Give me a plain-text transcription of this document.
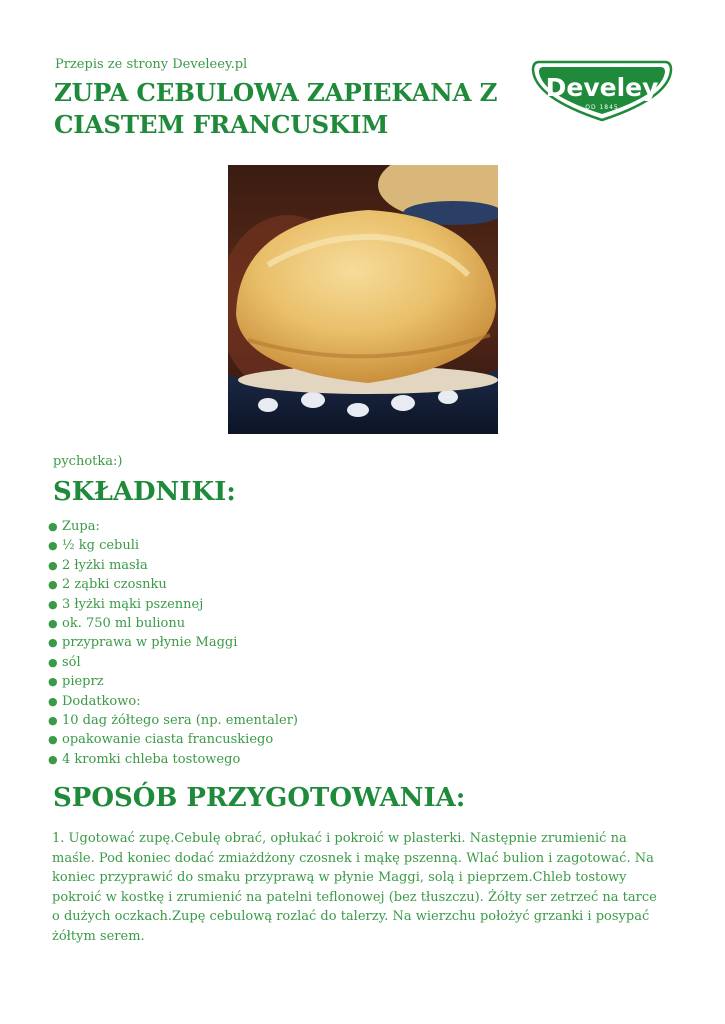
Przepis ze strony Develeey.pl

ZUPA CEBULOWA ZAPIEKANA Z CIASTEM FRANCUSKIM
Develey
OD 1845

pychotka:)

SKŁADNIKI:
● Zupa:
● ½ kg cebuli
● 2 łyżki masła
● 2 ząbki czosnku
● 3 łyżki mąki pszennej
● ok. 750 ml bulionu
● przyprawa w płynie Maggi
● sól
● pieprz
● Dodatkowo:
● 10 dag żółtego sera (np. ementaler)
● opakowanie ciasta francuskiego
● 4 kromki chleba tostowego
SPOSÓB PRZYGOTOWANIA:
1. Ugotować zupę.Cebulę obrać, opłukać i pokroić w plasterki. Następnie zrumienić na
maśle. Pod koniec dodać zmiażdżony czosnek i mąkę pszenną. Wlać bulion i zagotować. Na
koniec przyprawić do smaku przyprawą w płynie Maggi, solą i pieprzem.Chleb tostowy
pokroić w kostkę i zrumienić na patelni teflonowej (bez tłuszczu). Żółty ser zetrzeć na tarce
o dużych oczkach.Zupę cebulową rozlać do talerzy. Na wierzchu położyć grzanki i posypać
żółtym serem.
